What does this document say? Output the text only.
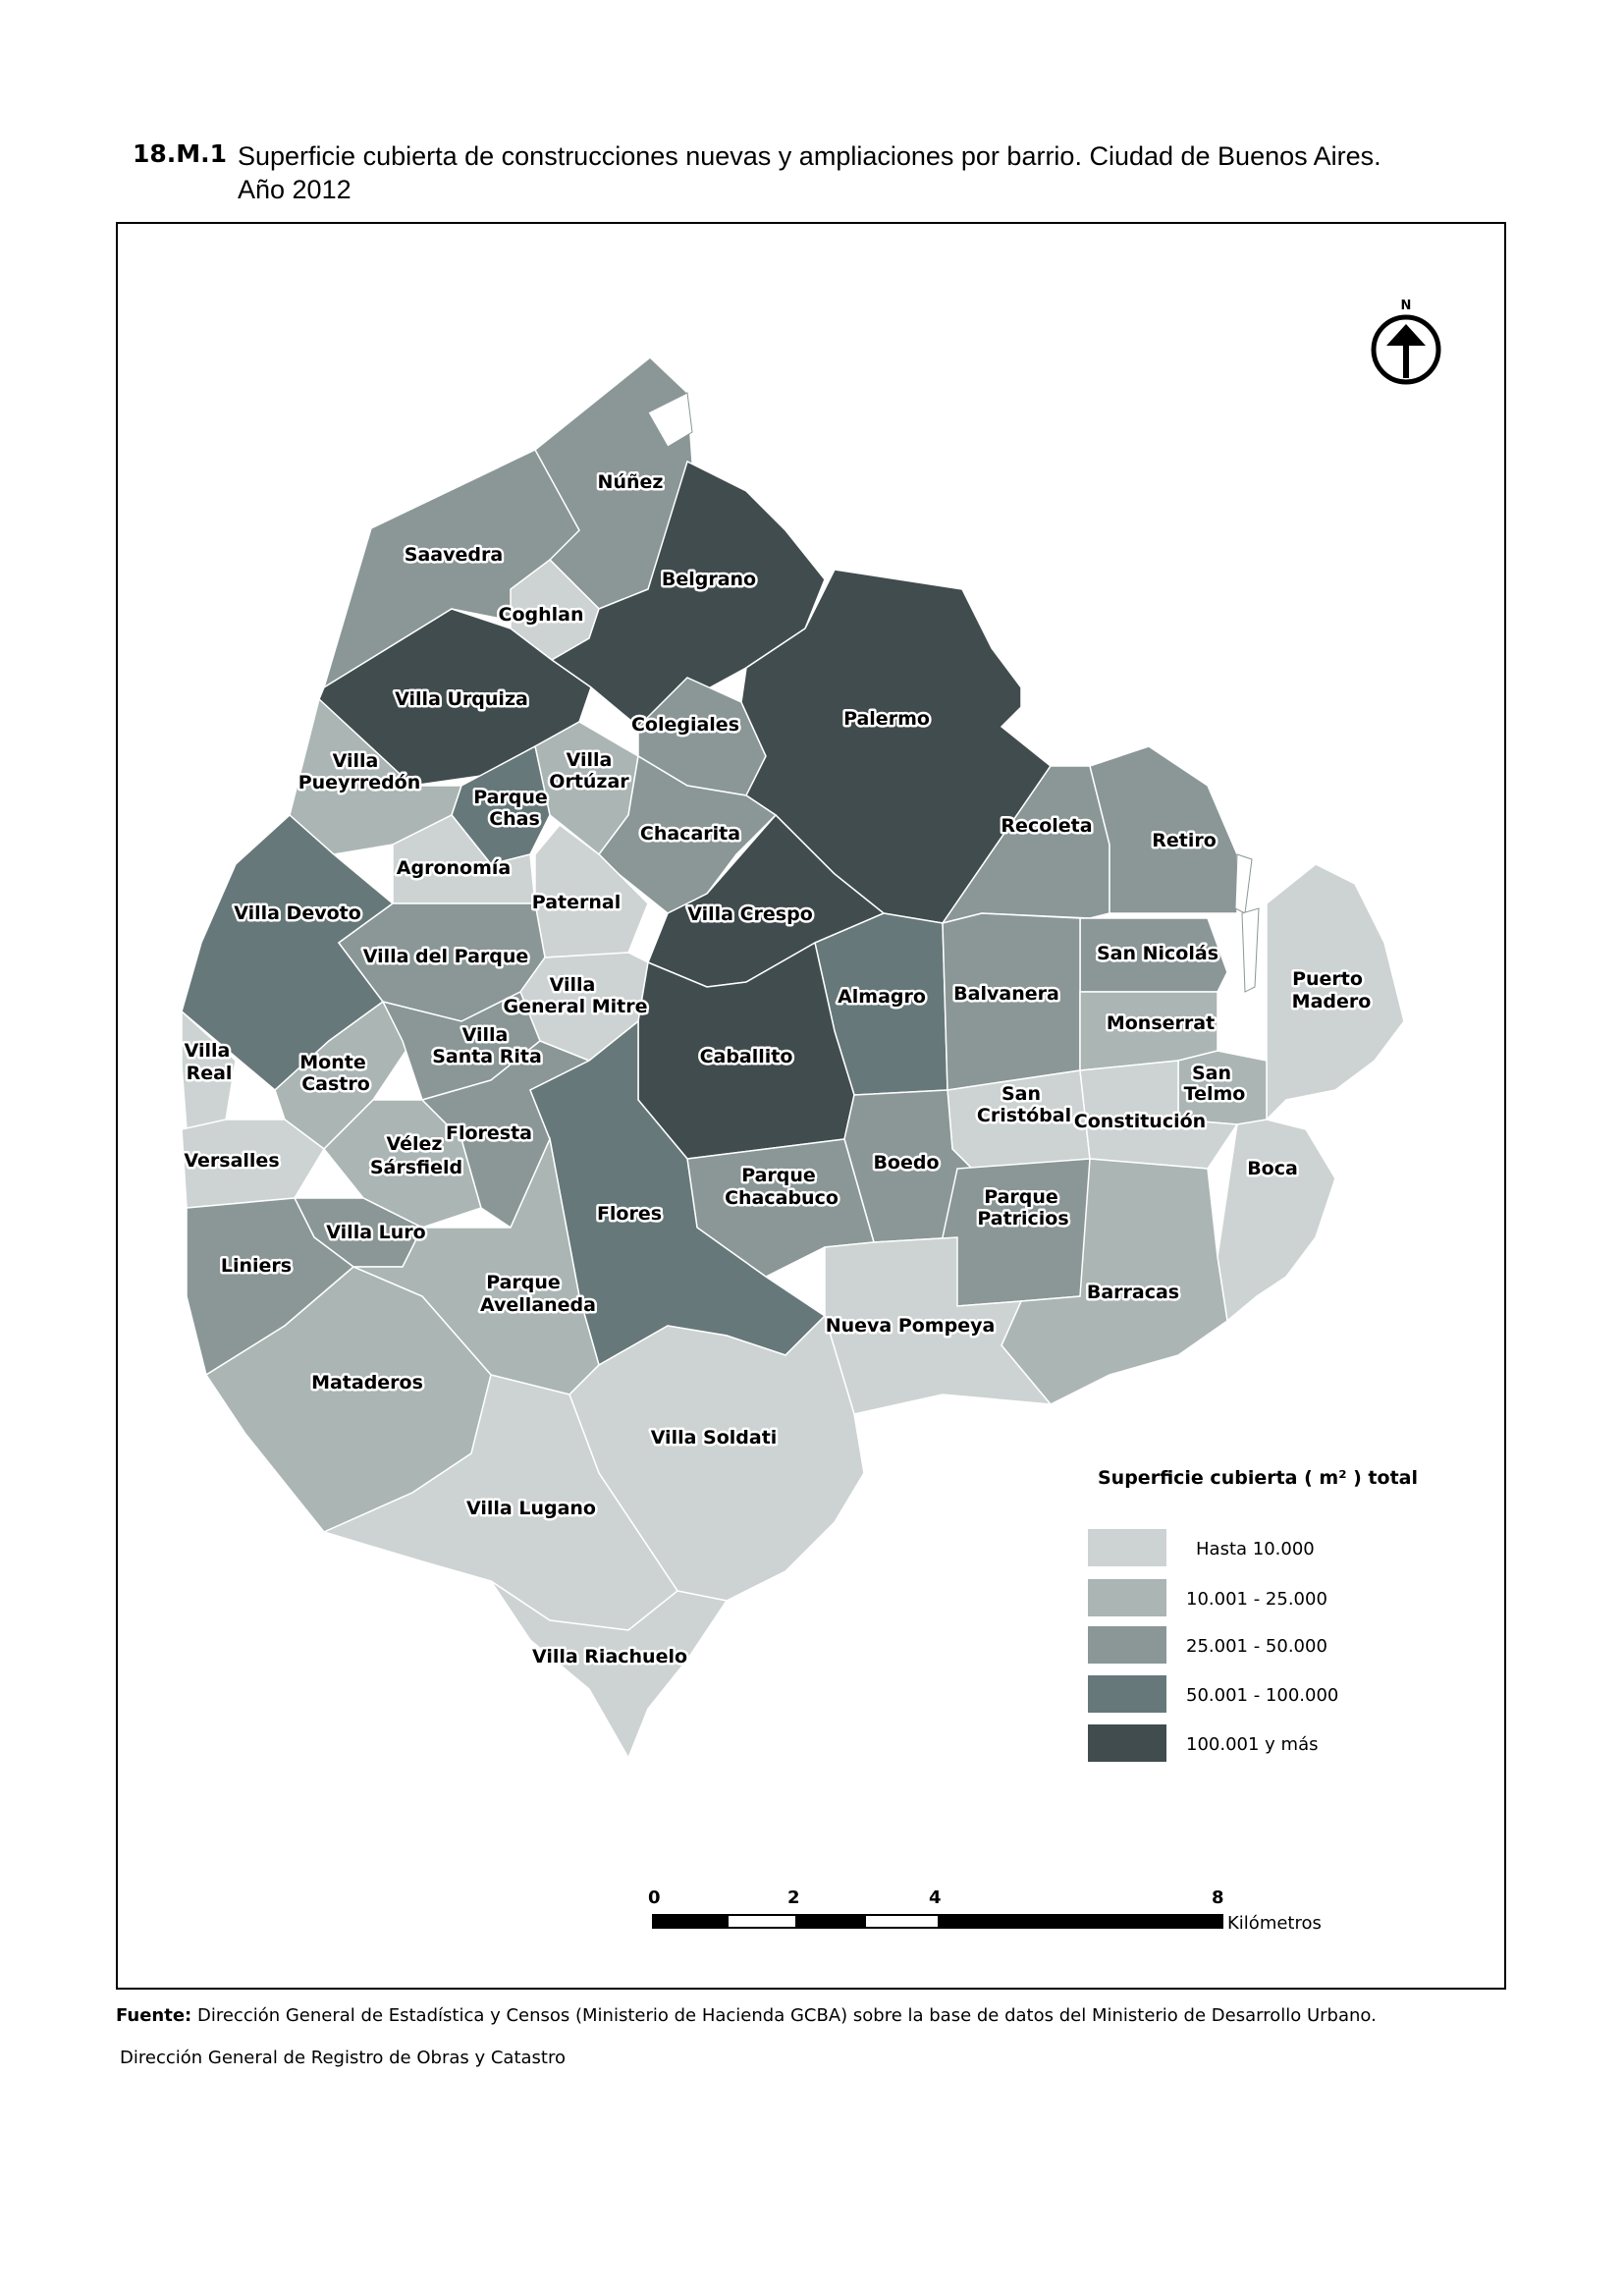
18.M.1 Superficie cubierta de construcciones nuevas y ampliaciones por barrio. Ciudad de Buenos Aires.
Año 2012
Núñez
Saavedra
Coghlan
Belgrano
Villa Urquiza
Colegiales	Palermo
Villa
Pueyrredón
Villa
Ortúzar
Parque
Chas
Chacarita	Recoleta
Retiro
Agronomía
Paternal
Villa Devoto	Villa Crespo
Villa del Parque	San Nicolás
Puerto
Madero
Villa
General Mitre	Almagro Balvanera
Monserrat
Villa
Real	Monte
Castro
Villa
Santa Rita	Caballito
San
Cristóbal
San
Telmo
Constitución
Vélez
Sársfield
Floresta
Versalles	Boedo	Boca
Parque
Chacabuco	Parque
Patricios
Villa Luro
Flores
Liniers
Parque
Avellaneda
Barracas
Nueva Pompeya
Mataderos
Villa Soldati
Villa Lugano
Villa Riachuelo
N
Superficie cubierta ( m² ) total
Hasta 10.000
10.001 - 25.000
25.001 - 50.000
50.001 - 100.000
100.001 y más
0	2	4	8
Kilómetros
Fuente: Dirección General de Estadística y Censos (Ministerio de Hacienda GCBA) sobre la base de datos del Ministerio de Desarrollo Urbano.
Dirección General de Registro de Obras y Catastro
